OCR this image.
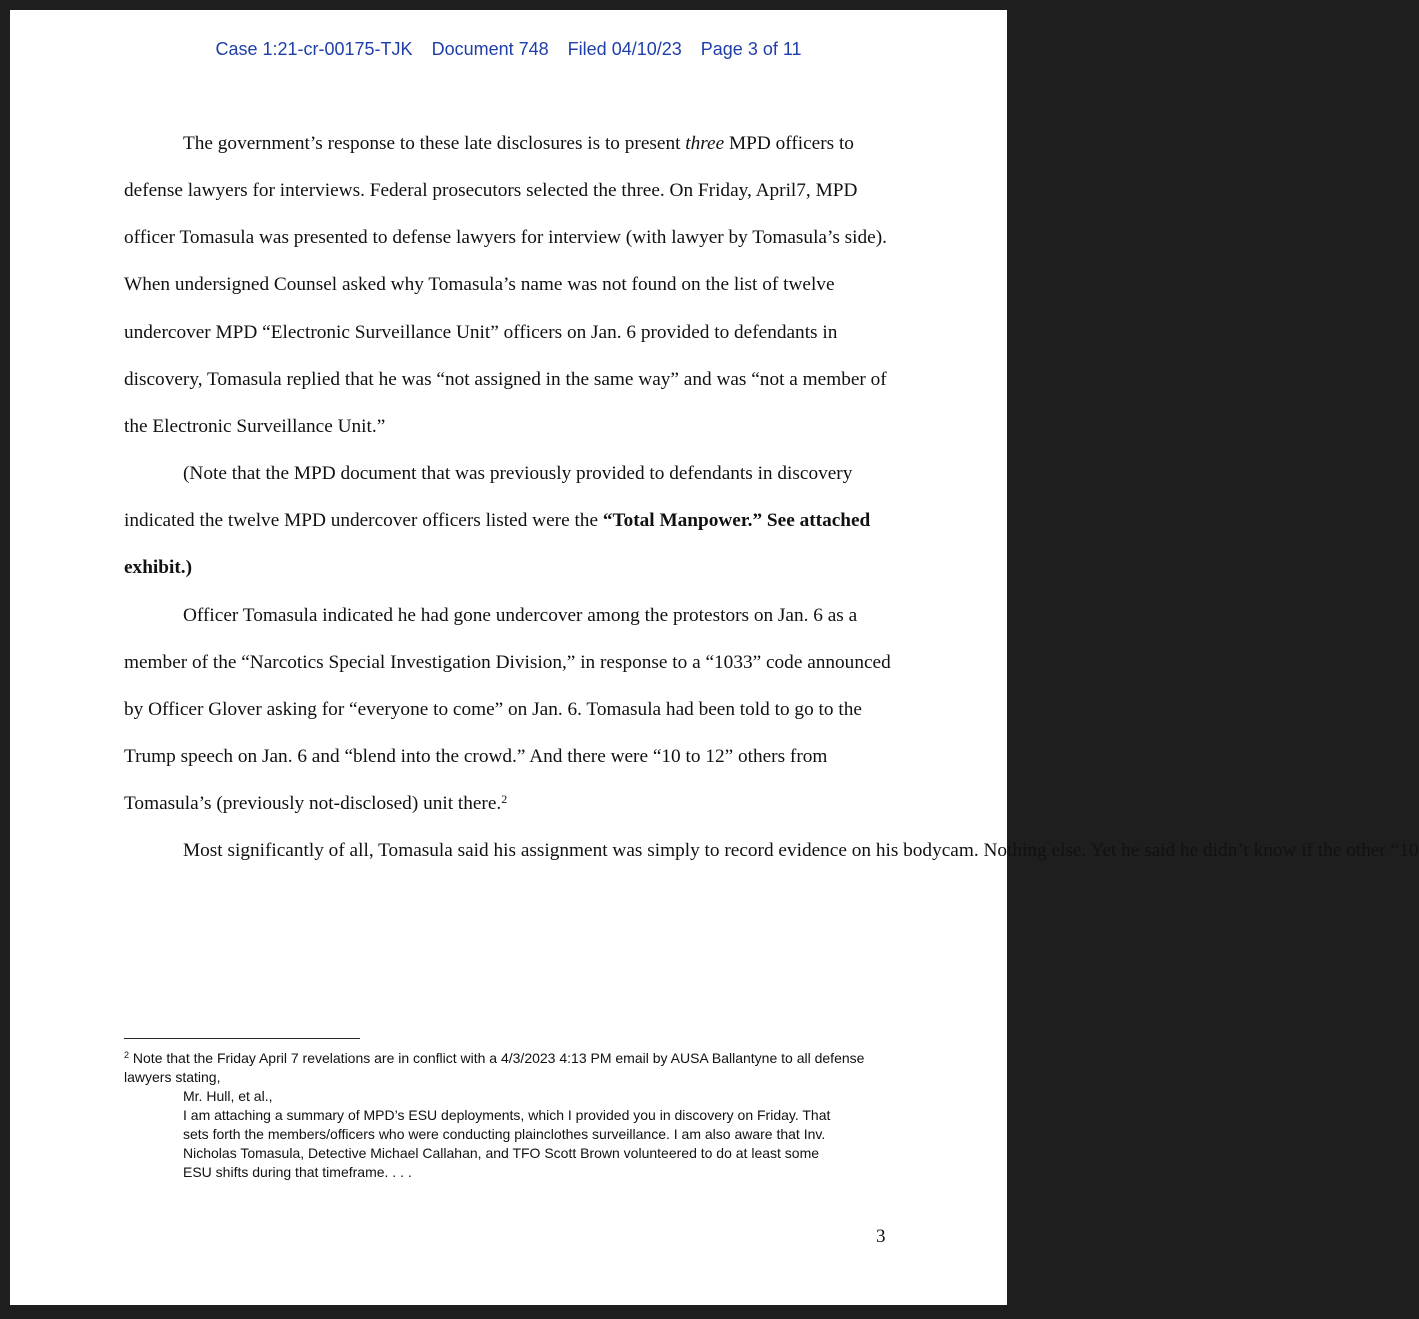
Case 1:21-cr-00175-TJK Document 748 Filed 04/10/23 Page 3 of 11

The government’s response to these late disclosures is to present three MPD officers to defense lawyers for interviews. Federal prosecutors selected the three. On Friday, April7, MPD officer Tomasula was presented to defense lawyers for interview (with lawyer by Tomasula’s side). When undersigned Counsel asked why Tomasula’s name was not found on the list of twelve undercover MPD “Electronic Surveillance Unit” officers on Jan. 6 provided to defendants in discovery, Tomasula replied that he was “not assigned in the same way” and was “not a member of the Electronic Surveillance Unit.”

(Note that the MPD document that was previously provided to defendants in discovery indicated the twelve MPD undercover officers listed were the “Total Manpower.” See attached exhibit.)

Officer Tomasula indicated he had gone undercover among the protestors on Jan. 6 as a member of the “Narcotics Special Investigation Division,” in response to a “1033” code announced by Officer Glover asking for “everyone to come” on Jan. 6. Tomasula had been told to go to the Trump speech on Jan. 6 and “blend into the crowd.” And there were “10 to 12” others from Tomasula’s (previously not-disclosed) unit there.$^2$

Most significantly of all, Tomasula said his assignment was simply to record evidence on his bodycam. Nothing else. Yet he said he didn’t know if the other “10

$^2$ Note that the Friday April 7 revelations are in conflict with a 4/3/2023 4:13 PM email by AUSA Ballantyne to all defense lawyers stating,

Mr. Hull, et al.,

I am attaching a summary of MPD’s ESU deployments, which I provided you in discovery on Friday. That sets forth the members/officers who were conducting plainclothes surveillance. I am also aware that Inv. Nicholas Tomasula, Detective Michael Callahan, and TFO Scott Brown volunteered to do at least some ESU shifts during that timeframe. . . .

3
